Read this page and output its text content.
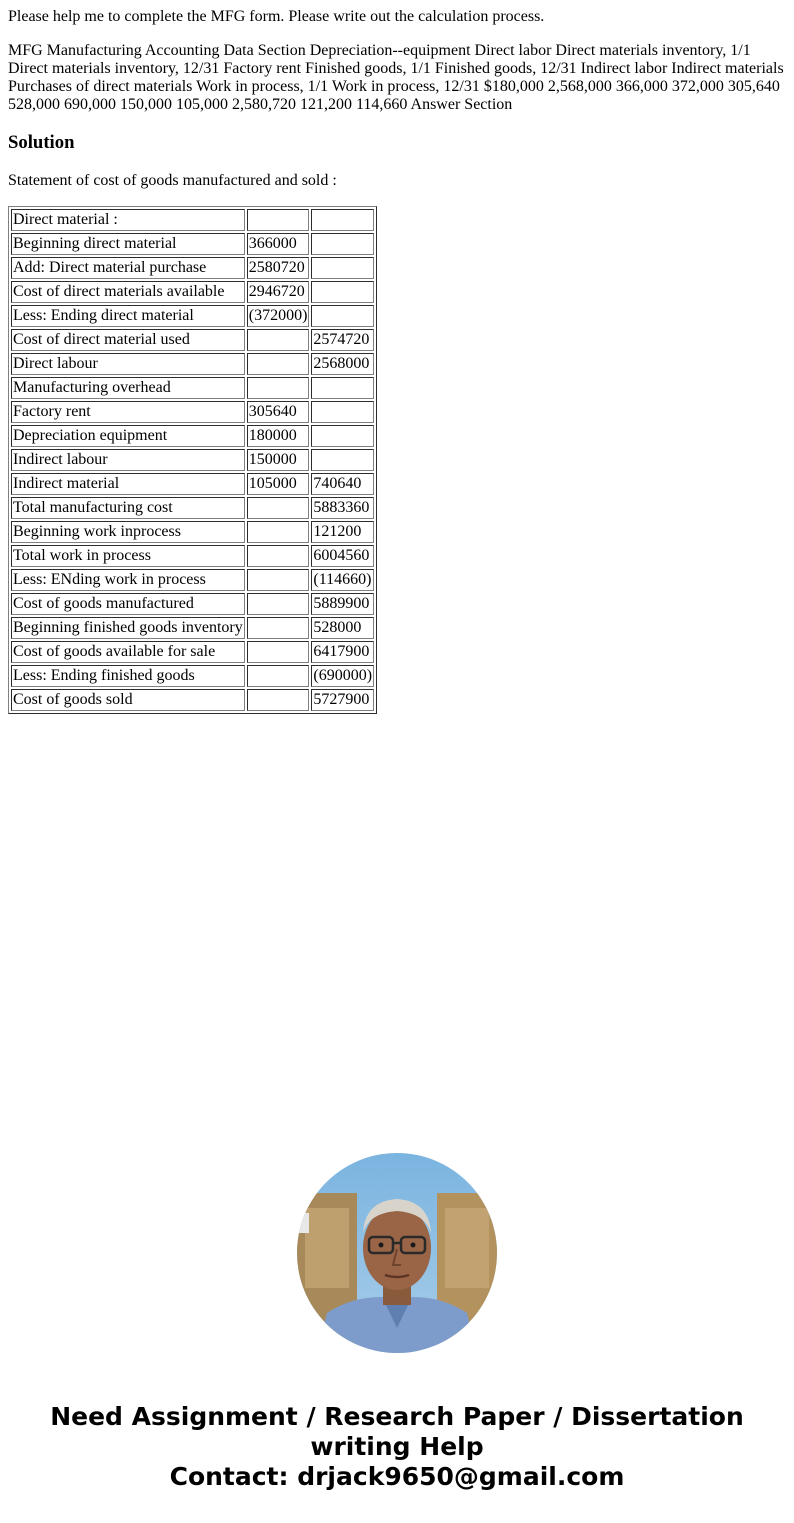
Please help me to complete the MFG form. Please write out the calculation process.

MFG Manufacturing Accounting Data Section Depreciation--equipment Direct labor Direct materials inventory, 1/1 Direct materials inventory, 12/31 Factory rent Finished goods, 1/1 Finished goods, 12/31 Indirect labor Indirect materials Purchases of direct materials Work in process, 1/1 Work in process, 12/31 $180,000 2,568,000 366,000 372,000 305,640 528,000 690,000 150,000 105,000 2,580,720 121,200 114,660 Answer Section

Solution

Statement of cost of goods manufactured and sold :

Direct material :		
Beginning direct material	366000	
Add: Direct material purchase	2580720	
Cost of direct materials available	2946720	
Less: Ending direct material	(372000)	
Cost of direct material used		2574720
Direct labour		2568000
Manufacturing overhead		
Factory rent	305640	
Depreciation equipment	180000	
Indirect labour	150000	
Indirect material	105000	740640
Total manufacturing cost		5883360
Beginning work inprocess		121200
Total work in process		6004560
Less: ENding work in process		(114660)
Cost of goods manufactured		5889900
Beginning finished goods inventory		528000
Cost of goods available for sale		6417900
Less: Ending finished goods		(690000)
Cost of goods sold		5727900
Need Assignment / Research Paper / Dissertation
writing Help
Contact: drjack9650@gmail.com
